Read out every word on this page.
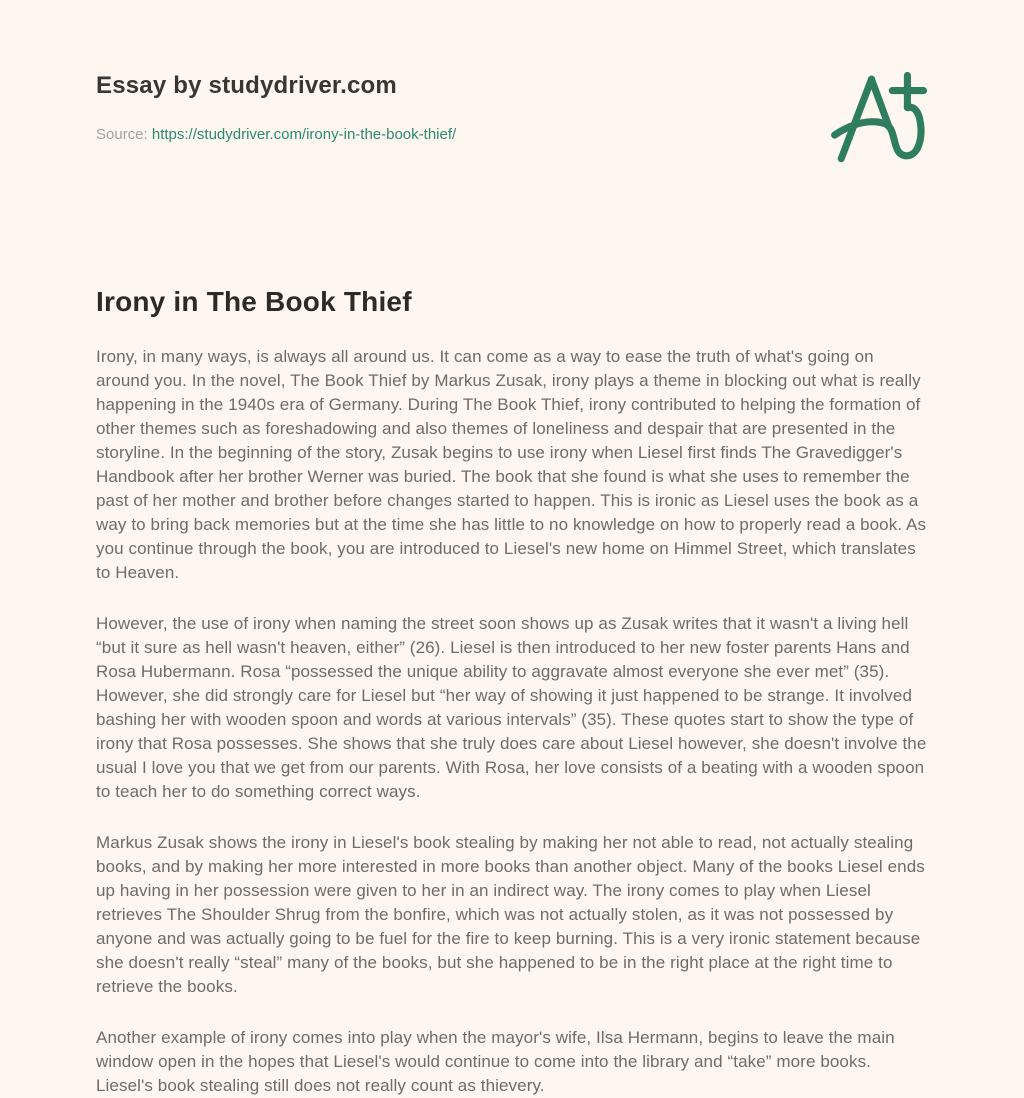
Essay by studydriver.com
Source: https://studydriver.com/irony-in-the-book-thief/
Irony in The Book Thief

Irony, in many ways, is always all around us. It can come as a way to ease the truth of what's going on around you. In the novel, The Book Thief by Markus Zusak, irony plays a theme in blocking out what is really happening in the 1940s era of Germany. During The Book Thief, irony contributed to helping the formation of other themes such as foreshadowing and also themes of loneliness and despair that are presented in the storyline. In the beginning of the story, Zusak begins to use irony when Liesel first finds The Gravedigger's Handbook after her brother Werner was buried. The book that she found is what she uses to remember the past of her mother and brother before changes started to happen. This is ironic as Liesel uses the book as a way to bring back memories but at the time she has little to no knowledge on how to properly read a book. As you continue through the book, you are introduced to Liesel's new home on Himmel Street, which translates to Heaven.

However, the use of irony when naming the street soon shows up as Zusak writes that it wasn't a living hell “but it sure as hell wasn't heaven, either” (26). Liesel is then introduced to her new foster parents Hans and Rosa Hubermann. Rosa “possessed the unique ability to aggravate almost everyone she ever met” (35). However, she did strongly care for Liesel but “her way of showing it just happened to be strange. It involved bashing her with wooden spoon and words at various intervals” (35). These quotes start to show the type of irony that Rosa possesses. She shows that she truly does care about Liesel however, she doesn't involve the usual I love you that we get from our parents. With Rosa, her love consists of a beating with a wooden spoon to teach her to do something correct ways.

Markus Zusak shows the irony in Liesel's book stealing by making her not able to read, not actually stealing books, and by making her more interested in more books than another object. Many of the books Liesel ends up having in her possession were given to her in an indirect way. The irony comes to play when Liesel retrieves The Shoulder Shrug from the bonfire, which was not actually stolen, as it was not possessed by anyone and was actually going to be fuel for the fire to keep burning. This is a very ironic statement because she doesn't really “steal” many of the books, but she happened to be in the right place at the right time to retrieve the books.

Another example of irony comes into play when the mayor's wife, Ilsa Hermann, begins to leave the main window open in the hopes that Liesel's would continue to come into the library and “take” more books. Liesel's book stealing still does not really count as thievery.
